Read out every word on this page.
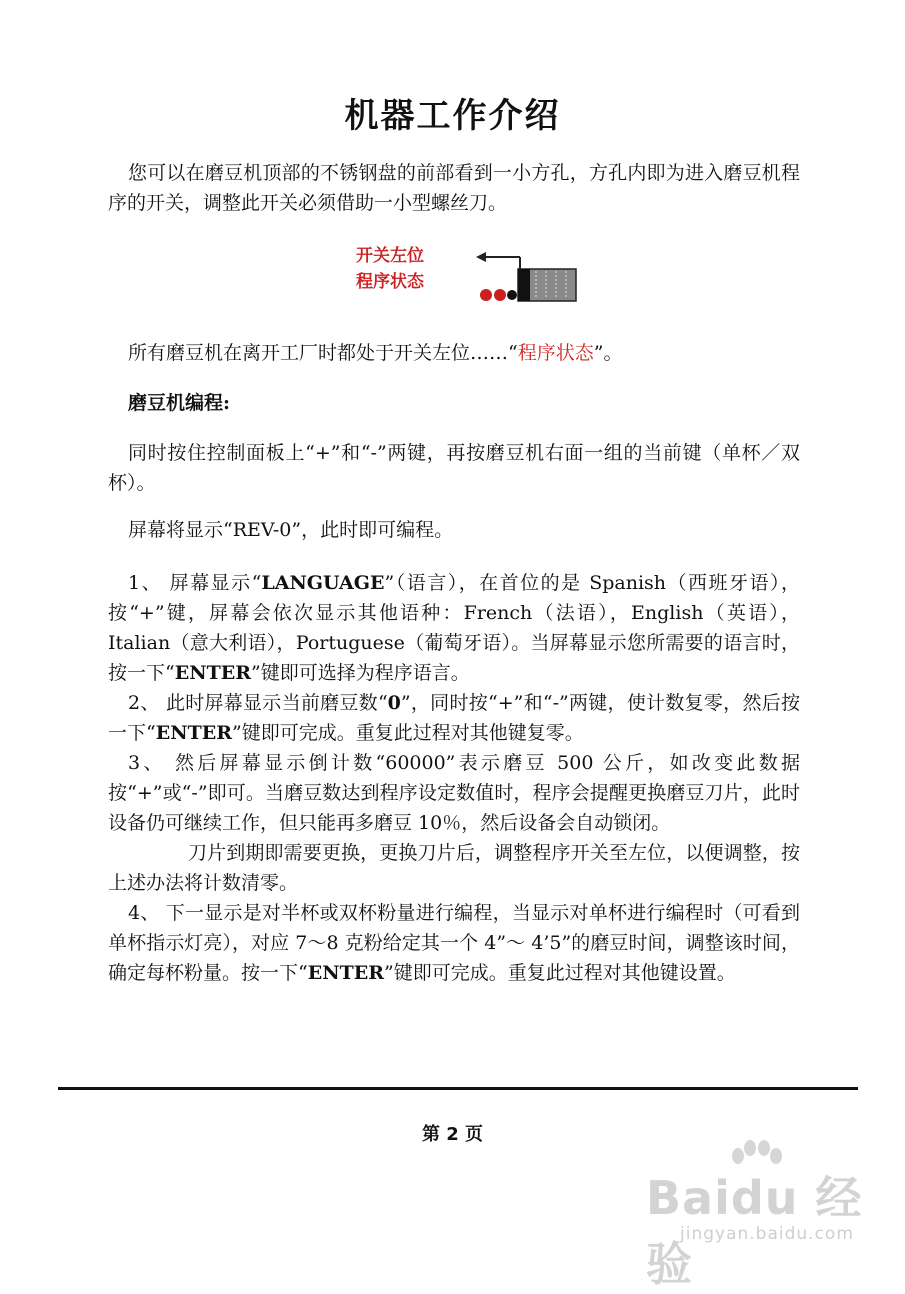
机器工作介绍
您可以在磨豆机顶部的不锈钢盘的前部看到一小方孔，方孔内即为进入磨豆机程序的开关，调整此开关必须借助一小型螺丝刀。
开关左位
程序状态
所有磨豆机在离开工厂时都处于开关左位……“程序状态”。
磨豆机编程:
同时按住控制面板上“+”和“-”两键，再按磨豆机右面一组的当前键（单杯／双杯）。
屏幕将显示“REV-0”，此时即可编程。

1、 屏幕显示“LANGUAGE”（语言），在首位的是 Spanish（西班牙语），按“+”键，屏幕会依次显示其他语种：French（法语），English（英语），Italian（意大利语），Portuguese（葡萄牙语）。当屏幕显示您所需要的语言时，按一下“ENTER”键即可选择为程序语言。

2、 此时屏幕显示当前磨豆数“0”，同时按“+”和“-”两键，使计数复零，然后按一下“ENTER”键即可完成。重复此过程对其他键复零。

3、 然后屏幕显示倒计数“60000”表示磨豆 500 公斤，如改变此数据按“+”或“-”即可。当磨豆数达到程序设定数值时，程序会提醒更换磨豆刀片，此时设备仍可继续工作，但只能再多磨豆 10％，然后设备会自动锁闭。

刀片到期即需要更换，更换刀片后，调整程序开关至左位，以便调整，按上述办法将计数清零。

4、 下一显示是对半杯或双杯粉量进行编程，当显示对单杯进行编程时（可看到单杯指示灯亮），对应 7～8 克粉给定其一个 4”～ 4’5”的磨豆时间，调整该时间，确定每杯粉量。按一下“ENTER”键即可完成。重复此过程对其他键设置。

第 2 页
Baidu 经验
jingyan.baidu.com
